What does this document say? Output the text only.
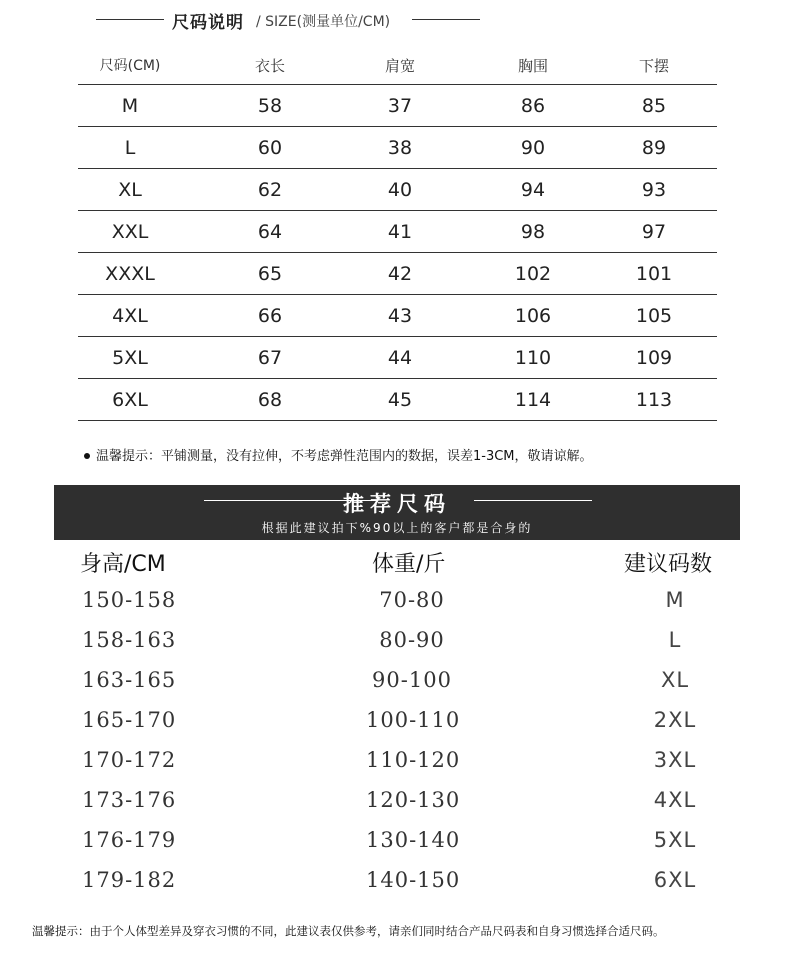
尺码说明 / SIZE(测量单位/CM)
尺码(CM)	衣长	肩宽	胸围	下摆
M	58	37	86	85
L	60	38	90	89
XL	62	40	94	93
XXL	64	41	98	97
XXXL	65	42	102	101
4XL	66	43	106	105
5XL	67	44	110	109
6XL	68	45	114	113
温馨提示：平铺测量，没有拉伸，不考虑弹性范围内的数据，误差1-3CM，敬请谅解。
推荐尺码
根据此建议拍下%90以上的客户都是合身的
身高/CM	体重/斤	建议码数
150-158	70-80	M
158-163	80-90	L
163-165	90-100	XL
165-170	100-110	2XL
170-172	110-120	3XL
173-176	120-130	4XL
176-179	130-140	5XL
179-182	140-150	6XL
温馨提示：由于个人体型差异及穿衣习惯的不同，此建议表仅供参考，请亲们同时结合产品尺码表和自身习惯选择合适尺码。
